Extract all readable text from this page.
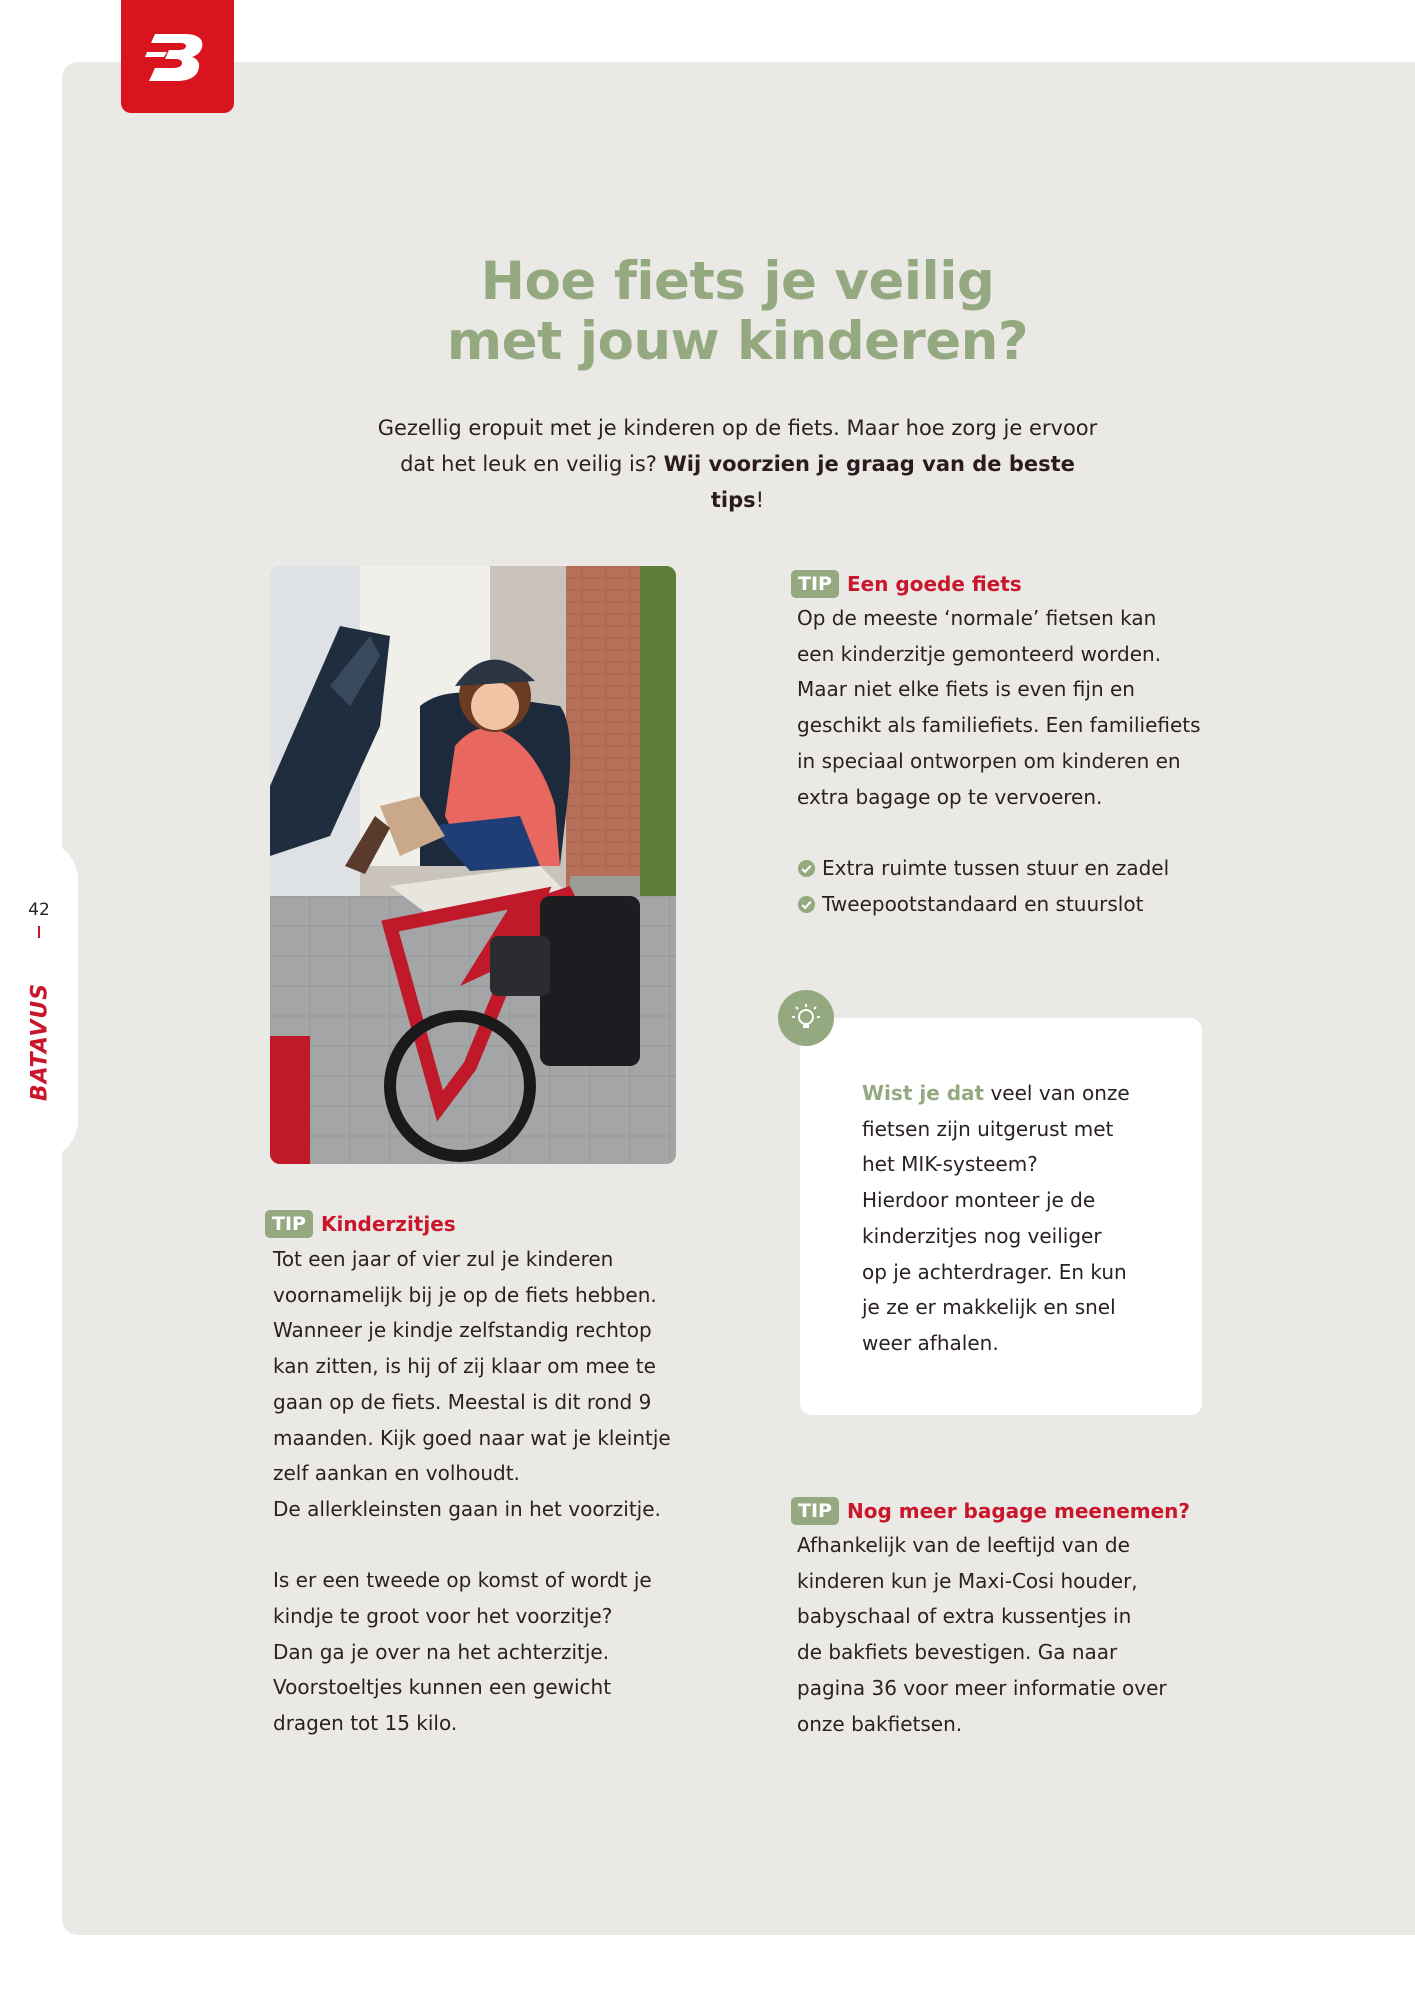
42
BATAVUS
Hoe fiets je veilig
met jouw kinderen?

Gezellig eropuit met je kinderen op de fiets. Maar hoe zorg je ervoor
dat het leuk en veilig is? Wij voorzien je graag van de beste tips!

TIP Een goede fiets

Op de meeste ‘normale’ fietsen kan

een kinderzitje gemonteerd worden.

Maar niet elke fiets is even fijn en

geschikt als familiefiets. Een familiefiets

in speciaal ontworpen om kinderen en

extra bagage op te vervoeren.

Extra ruimte tussen stuur en zadel
Tweepootstandaard en stuurslot

Wist je dat veel van onze
fietsen zijn uitgerust met
het MIK-systeem?
Hierdoor monteer je de
kinderzitjes nog veiliger
op je achterdrager. En kun
je ze er makkelijk en snel
weer afhalen.

TIP Kinderzitjes

Tot een jaar of vier zul je kinderen

voornamelijk bij je op de fiets hebben.

Wanneer je kindje zelfstandig rechtop

kan zitten, is hij of zij klaar om mee te

gaan op de fiets. Meestal is dit rond 9

maanden. Kijk goed naar wat je kleintje

zelf aankan en volhoudt.

De allerkleinsten gaan in het voorzitje.

Is er een tweede op komst of wordt je

kindje te groot voor het voorzitje?

Dan ga je over na het achterzitje.

Voorstoeltjes kunnen een gewicht

dragen tot 15 kilo.

TIP Nog meer bagage meenemen?

Afhankelijk van de leeftijd van de

kinderen kun je Maxi-Cosi houder,

babyschaal of extra kussentjes in

de bakfiets bevestigen. Ga naar

pagina 36 voor meer informatie over

onze bakfietsen.
